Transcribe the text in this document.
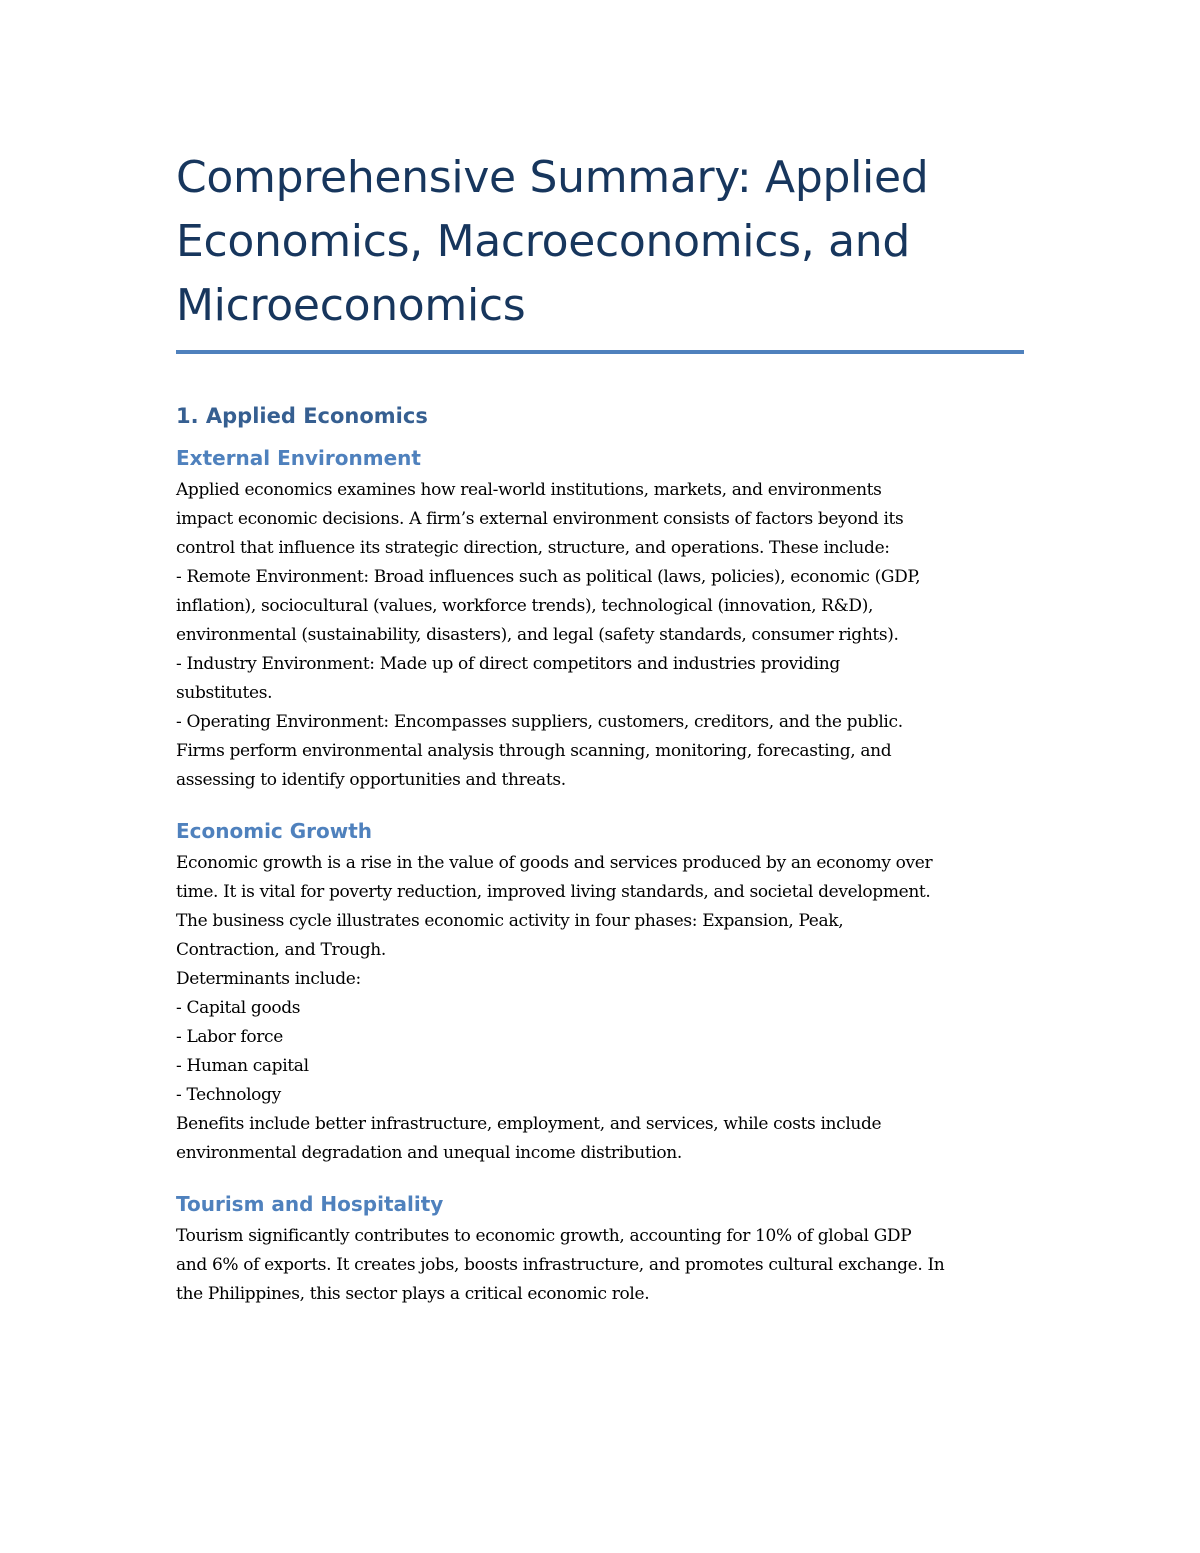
Comprehensive Summary: Applied
Economics, Macroeconomics, and
Microeconomics
1. Applied Economics
External Environment
Applied economics examines how real-world institutions, markets, and environments
impact economic decisions. A firm’s external environment consists of factors beyond its
control that influence its strategic direction, structure, and operations. These include:
- Remote Environment: Broad influences such as political (laws, policies), economic (GDP,
inflation), sociocultural (values, workforce trends), technological (innovation, R&D),
environmental (sustainability, disasters), and legal (safety standards, consumer rights).
- Industry Environment: Made up of direct competitors and industries providing
substitutes.
- Operating Environment: Encompasses suppliers, customers, creditors, and the public.
Firms perform environmental analysis through scanning, monitoring, forecasting, and
assessing to identify opportunities and threats.
Economic Growth
Economic growth is a rise in the value of goods and services produced by an economy over
time. It is vital for poverty reduction, improved living standards, and societal development.
The business cycle illustrates economic activity in four phases: Expansion, Peak,
Contraction, and Trough.
Determinants include:
- Capital goods
- Labor force
- Human capital
- Technology
Benefits include better infrastructure, employment, and services, while costs include
environmental degradation and unequal income distribution.
Tourism and Hospitality
Tourism significantly contributes to economic growth, accounting for 10% of global GDP
and 6% of exports. It creates jobs, boosts infrastructure, and promotes cultural exchange. In
the Philippines, this sector plays a critical economic role.
